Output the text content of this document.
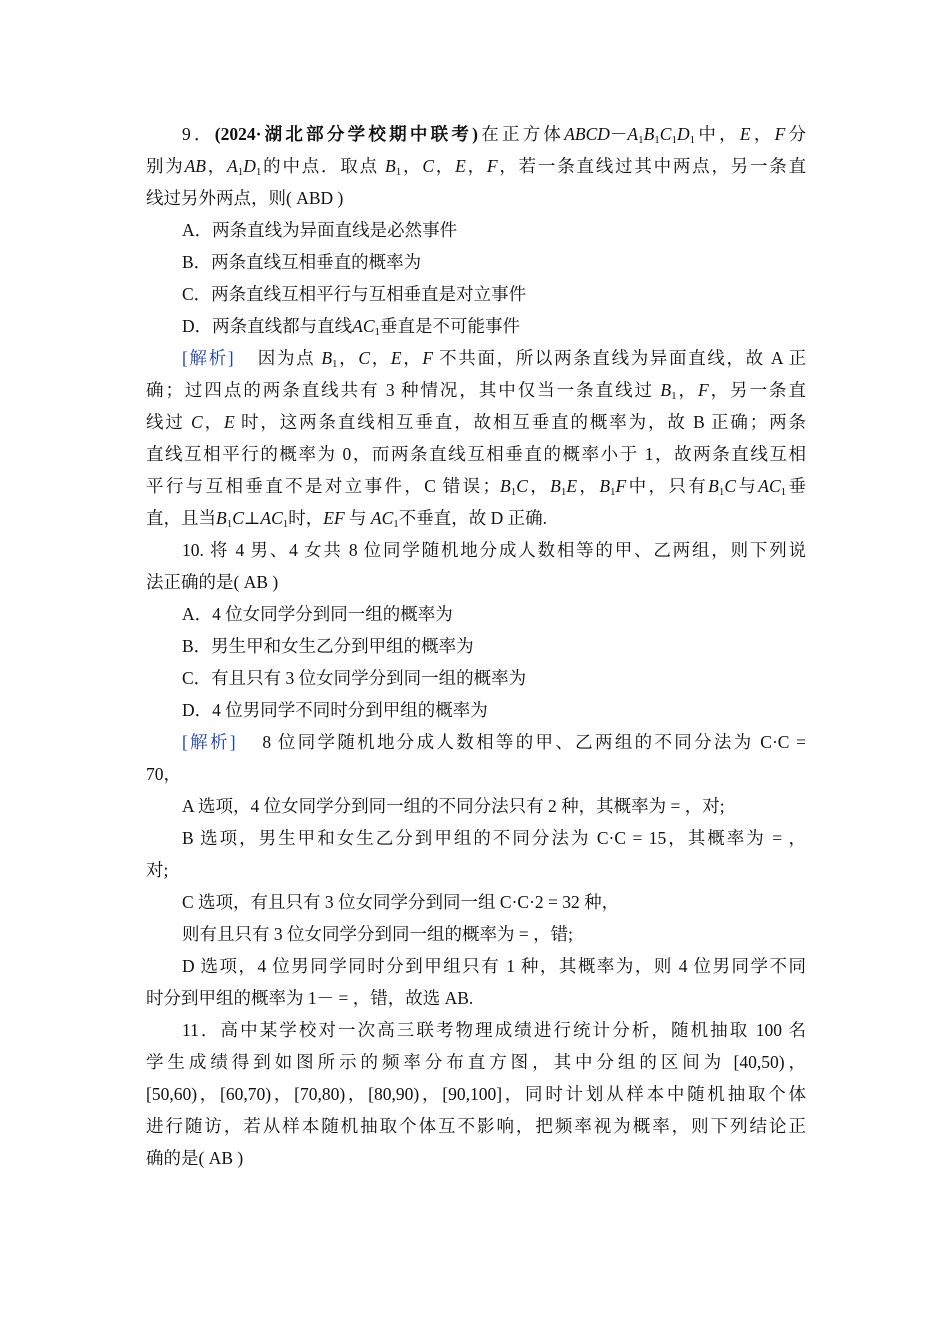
9．(2024·湖北部分学校期中联考)在正方体$ABCD-A_1B_1C_1D_1$中，E，F分
别为AB，$A_1D_1$的中点．取点 $B_1$，C，E，F，若一条直线过其中两点，另一条直
线过另外两点，则( ABD )
A．两条直线为异面直线是必然事件
B．两条直线互相垂直的概率为
C．两条直线互相平行与互相垂直是对立事件
D．两条直线都与直线$AC_1$垂直是不可能事件
[解析] 因为点 $B_1$，C，E，F 不共面，所以两条直线为异面直线，故 A 正
确；过四点的两条直线共有 3 种情况，其中仅当一条直线过 $B_1$，F，另一条直
线过 C，E 时，这两条直线相互垂直，故相互垂直的概率为，故 B 正确；两条
直线互相平行的概率为 0，而两条直线互相垂直的概率小于 1，故两条直线互相
平行与互相垂直不是对立事件，C 错误；$B_1C$，$B_1E$，$B_1F$中，只有$B_1C$与$AC_1$垂
直，且当$B_1C\perp AC_1$时，EF 与 $AC_1$不垂直，故 D 正确.
10. 将 4 男、4 女共 8 位同学随机地分成人数相等的甲、乙两组，则下列说
法正确的是( AB )
A．4 位女同学分到同一组的概率为
B．男生甲和女生乙分到甲组的概率为
C．有且只有 3 位女同学分到同一组的概率为
D．4 位男同学不同时分到甲组的概率为
[解析] 8 位同学随机地分成人数相等的甲、乙两组的不同分法为 C·C =
70，
A 选项，4 位女同学分到同一组的不同分法只有 2 种，其概率为 = ，对;
B 选项，男生甲和女生乙分到甲组的不同分法为 C·C = 15，其概率为 = ，
对;
C 选项，有且只有 3 位女同学分到同一组 C·C·2 = 32 种，
则有且只有 3 位女同学分到同一组的概率为 = ，错;
D 选项，4 位男同学同时分到甲组只有 1 种，其概率为，则 4 位男同学不同
时分到甲组的概率为 1－ = ，错，故选 AB.
11．高中某学校对一次高三联考物理成绩进行统计分析，随机抽取 100 名
学生成绩得到如图所示的频率分布直方图，其中分组的区间为 [40,50)，
[50,60)，[60,70)，[70,80)，[80,90)，[90,100]，同时计划从样本中随机抽取个体
进行随访，若从样本随机抽取个体互不影响，把频率视为概率，则下列结论正
确的是( AB )
